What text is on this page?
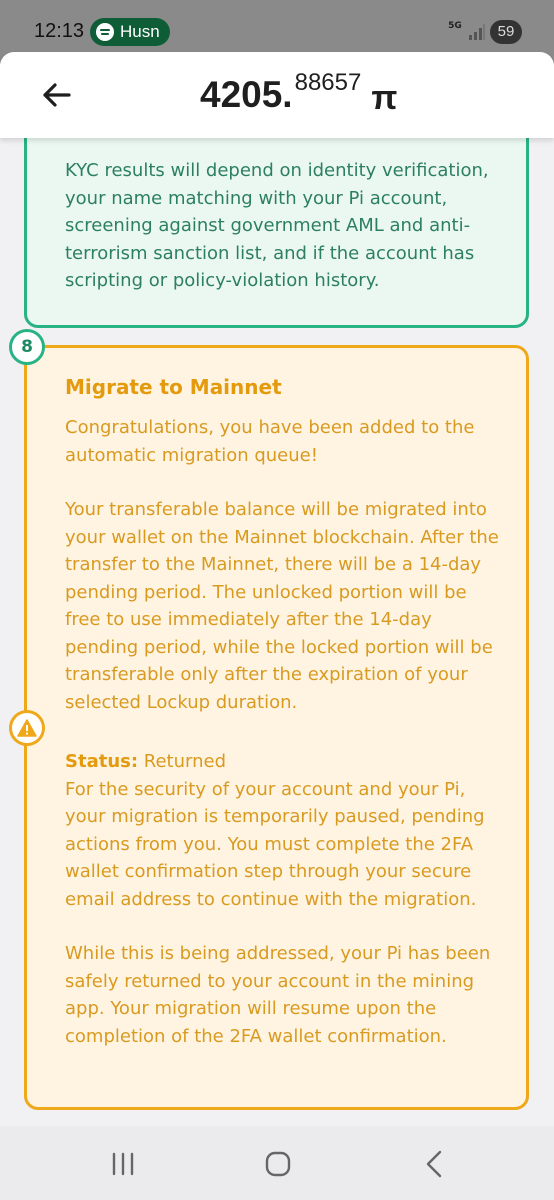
12:13 Husn	5G	59
4205. 88657 π

KYC results will depend on identity verification, your name matching with your Pi account, screening against government AML and anti-terrorism sanction list, and if the account has scripting or policy-violation history.

8
Migrate to Mainnet

Congratulations, you have been added to the automatic migration queue!

Your transferable balance will be migrated into your wallet on the Mainnet blockchain. After the transfer to the Mainnet, there will be a 14-day pending period. The unlocked portion will be free to use immediately after the 14-day pending period, while the locked portion will be transferable only after the expiration of your selected Lockup duration.

Status: Returned

For the security of your account and your Pi, your migration is temporarily paused, pending actions from you. You must complete the 2FA wallet confirmation step through your secure email address to continue with the migration.

While this is being addressed, your Pi has been safely returned to your account in the mining app. Your migration will resume upon the completion of the 2FA wallet confirmation.
